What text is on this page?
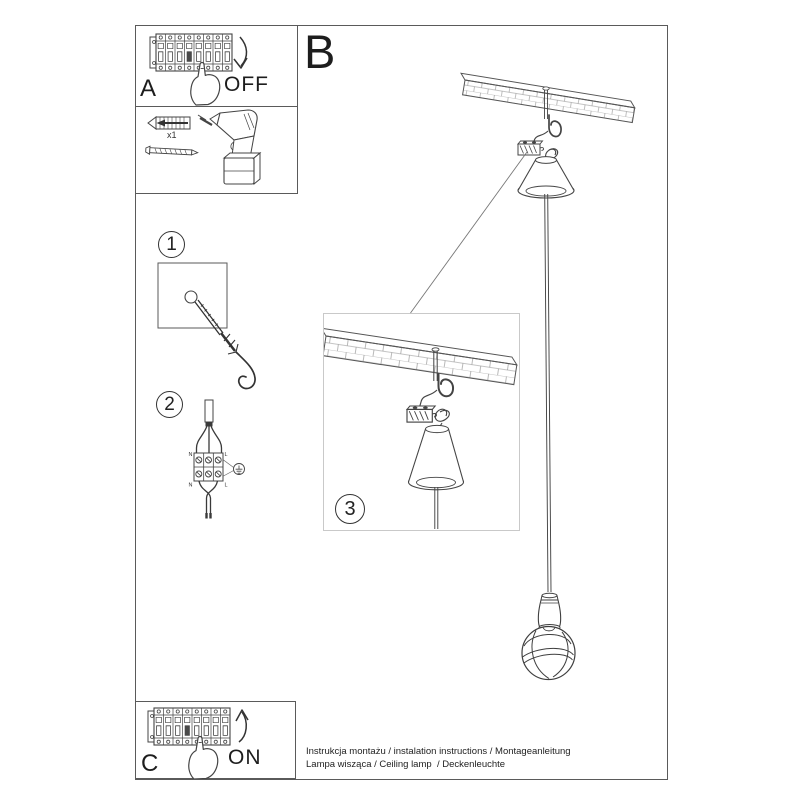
N	L
N	L
B
A
C
OFF
ON
x1
1
2
3
Instrukcja montażu / instalation instructions / Montageanleitung
Lampa wisząca / Ceiling lamp  / Deckenleuchte
